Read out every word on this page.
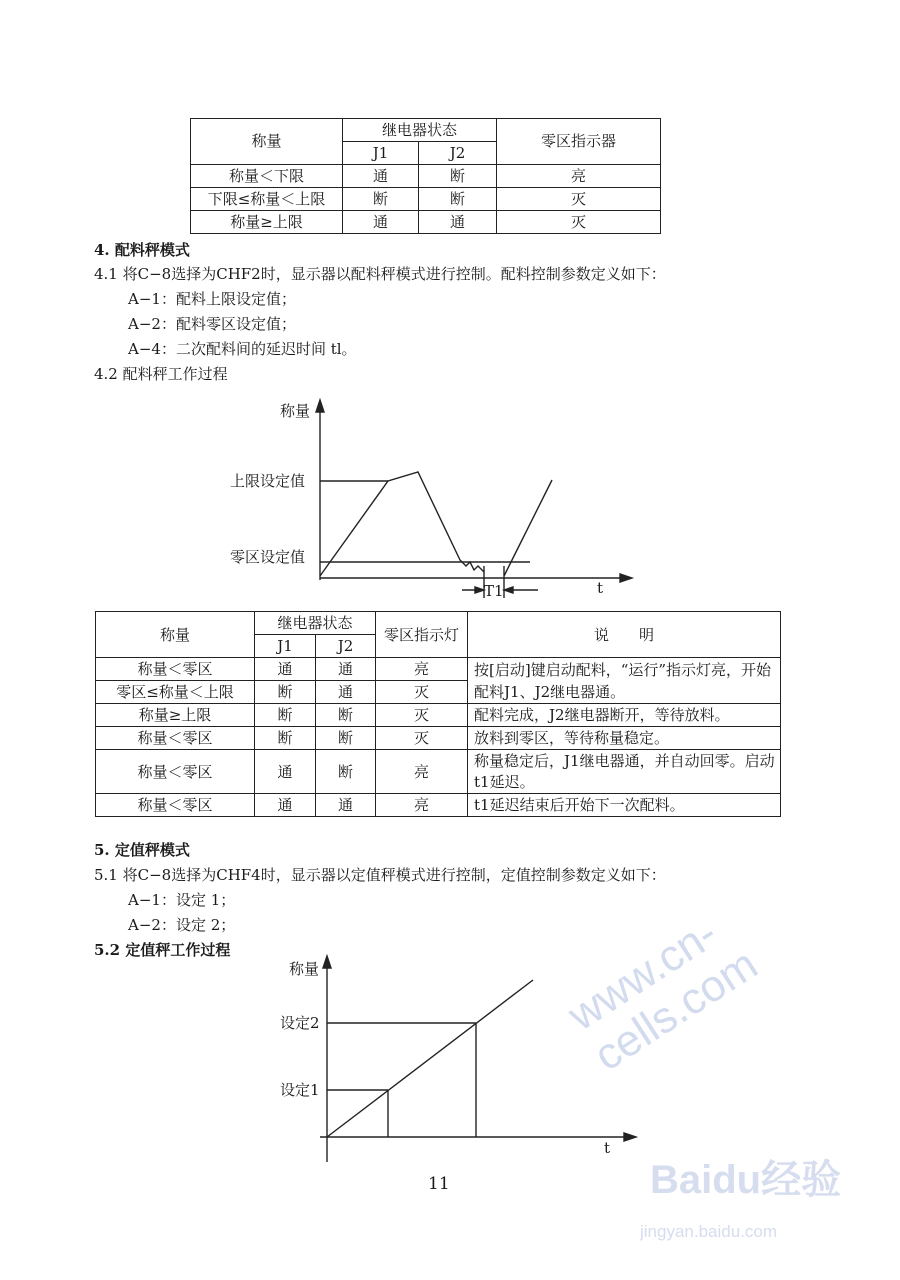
称量	继电器状态		零区指示器
	J1	J2	
称量＜下限	通	断	亮
下限≤称量＜上限	断	断	灭
称量≥上限	通	通	灭
4. 配料秤模式
4.1 将C−8选择为CHF2时，显示器以配料秤模式进行控制。配料控制参数定义如下：
A−1：配料上限设定值；
A−2：配料零区设定值；
A−4：二次配料间的延迟时间 tl。
4.2 配料秤工作过程
称量
上限设定值
零区设定值
t
T1
称量	继电器状态		零区指示灯	说　　明
	J1	J2		
称量＜零区	通	通	亮	按[启动]键启动配料，“运行”指示灯亮，开始配料J1、J2继电器通。
零区≤称量＜上限	断	通	灭	
称量≥上限	断	断	灭	配料完成，J2继电器断开，等待放料。
称量＜零区	断	断	灭	放料到零区，等待称量稳定。
称量＜零区	通	断	亮	称量稳定后，J1继电器通，并自动回零。启动t1延迟。
称量＜零区	通	通	亮	t1延迟结束后开始下一次配料。
5. 定值秤模式
5.1 将C−8选择为CHF4时，显示器以定值秤模式进行控制，定值控制参数定义如下：
A−1：设定 1；
A−2：设定 2；
5.2 定值秤工作过程
称量
设定2
设定1
t
11
www.cn-cells.com
Baidu经验
jingyan.baidu.com
